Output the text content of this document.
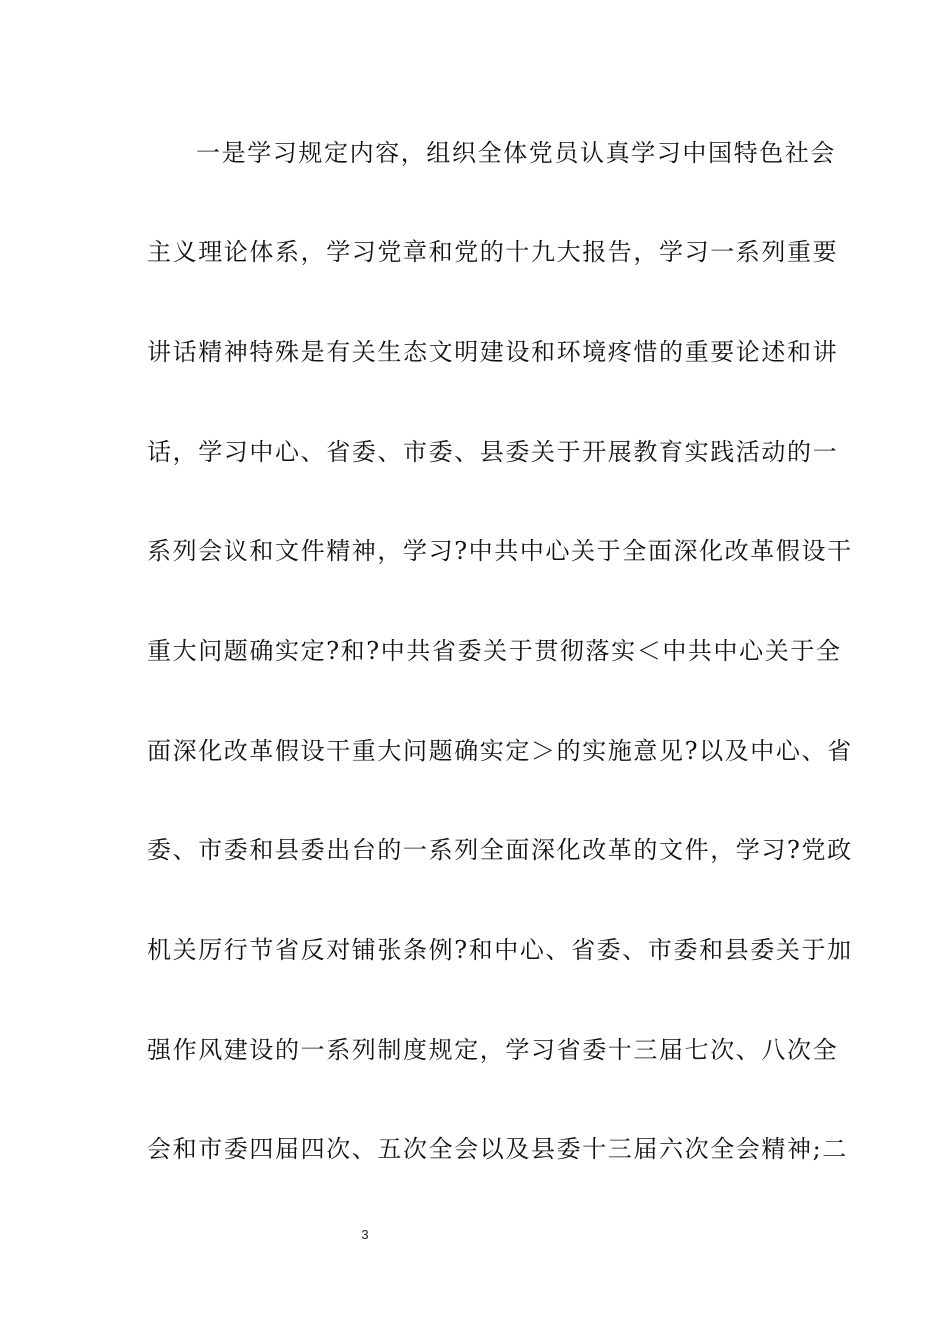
一是学习规定内容，组织全体党员认真学习中国特色社会
主义理论体系，学习党章和党的十九大报告，学习一系列重要
讲话精神特殊是有关生态文明建设和环境疼惜的重要论述和讲
话，学习中心、省委、市委、县委关于开展教育实践活动的一
系列会议和文件精神，学习?中共中心关于全面深化改革假设干
重大问题确实定?和?中共省委关于贯彻落实＜中共中心关于全
面深化改革假设干重大问题确实定＞的实施意见?以及中心、省
委、市委和县委出台的一系列全面深化改革的文件，学习?党政
机关厉行节省反对铺张条例?和中心、省委、市委和县委关于加
强作风建设的一系列制度规定，学习省委十三届七次、八次全
会和市委四届四次、五次全会以及县委十三届六次全会精神;二
3
